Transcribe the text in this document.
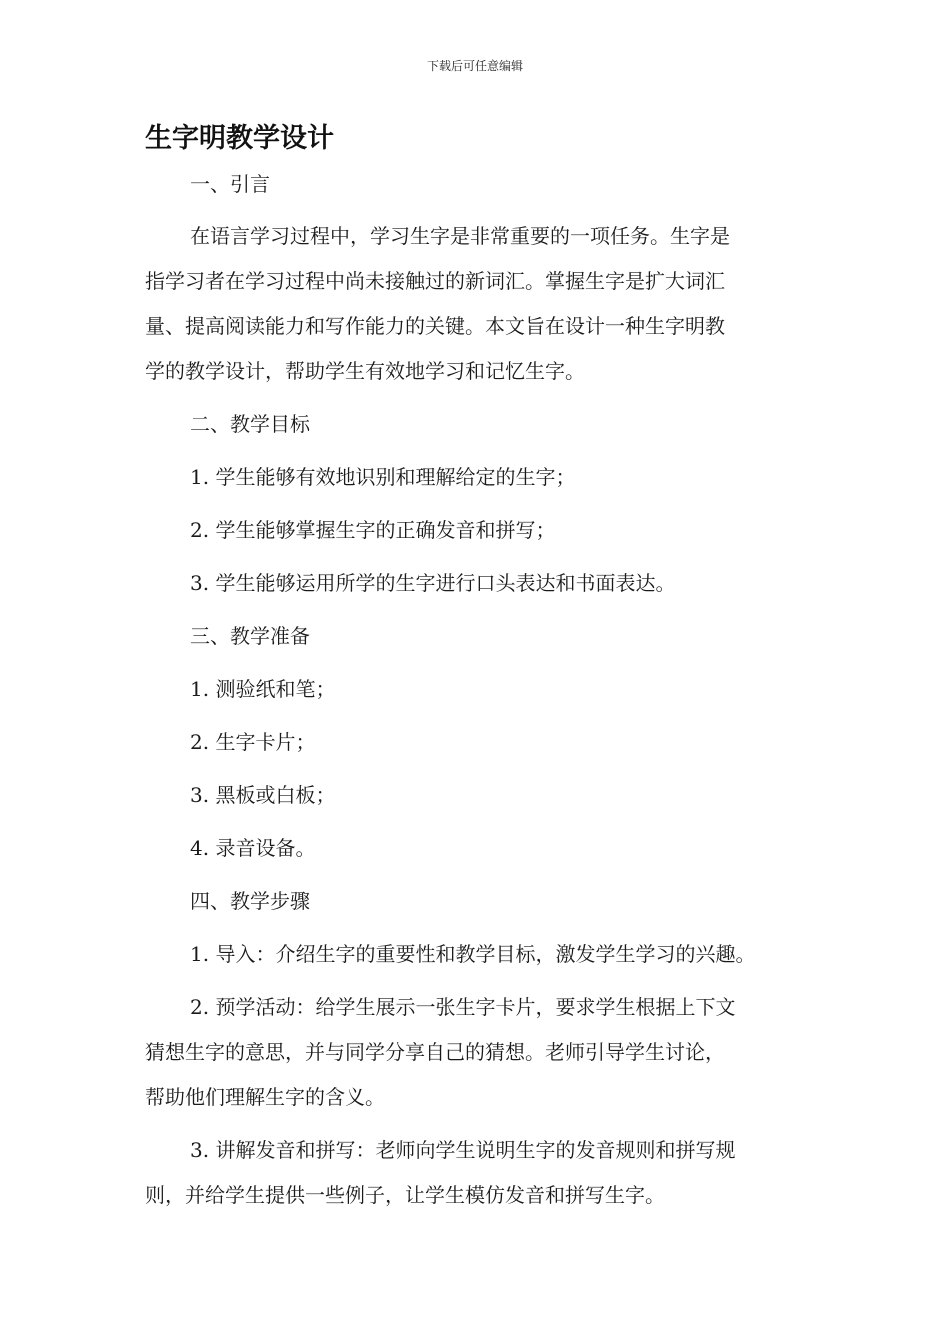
下载后可任意编辑
生字明教学设计
一、引言
在语言学习过程中，学习生字是非常重要的一项任务。生字是
指学习者在学习过程中尚未接触过的新词汇。掌握生字是扩大词汇
量、提高阅读能力和写作能力的关键。本文旨在设计一种生字明教
学的教学设计，帮助学生有效地学习和记忆生字。
二、教学目标
1. 学生能够有效地识别和理解给定的生字；
2. 学生能够掌握生字的正确发音和拼写；
3. 学生能够运用所学的生字进行口头表达和书面表达。
三、教学准备
1. 测验纸和笔；
2. 生字卡片；
3. 黑板或白板；
4. 录音设备。
四、教学步骤
1. 导入：介绍生字的重要性和教学目标，激发学生学习的兴趣。
2. 预学活动：给学生展示一张生字卡片，要求学生根据上下文
猜想生字的意思，并与同学分享自己的猜想。老师引导学生讨论，
帮助他们理解生字的含义。
3. 讲解发音和拼写：老师向学生说明生字的发音规则和拼写规
则，并给学生提供一些例子，让学生模仿发音和拼写生字。
